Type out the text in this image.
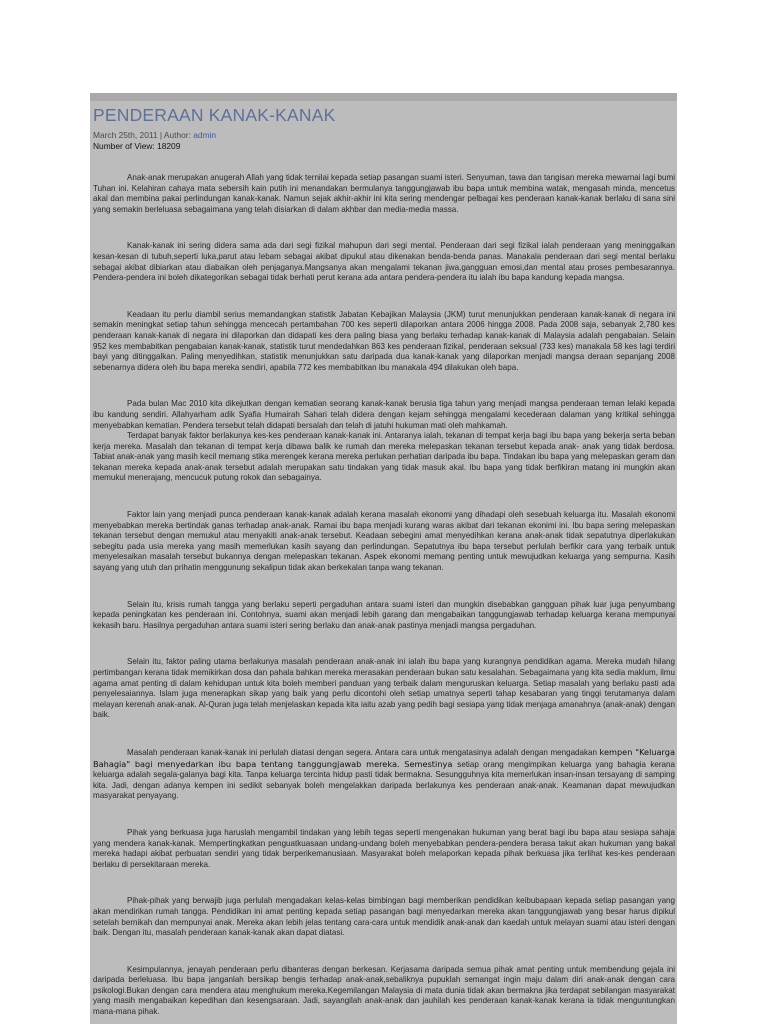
PENDERAAN KANAK-KANAK
March 25th, 2011 | Author: admin
Number of View: 18209

Anak-anak merupakan anugerah Allah yang tidak ternilai kepada setiap pasangan suami isteri. Senyuman, tawa dan tangisan mereka mewarnai lagi bumi Tuhan ini. Kelahiran cahaya mata sebersih kain putih ini menandakan bermulanya tanggungjawab ibu bapa untuk membina watak, mengasah minda, mencetus akal dan membina pakai perlindungan kanak-kanak. Namun sejak akhir-akhir ini kita sering mendengar pelbagai kes penderaan kanak-kanak berlaku di sana sini yang semakin berleluasa sebagaimana yang telah disiarkan di dalam akhbar dan media-media massa.

Kanak-kanak ini sering didera sama ada dari segi fizikal mahupun dari segi mental. Penderaan dari segi fizikal ialah penderaan yang meninggalkan kesan-kesan di tubuh,seperti luka,parut atau lebam sebagai akibat dipukul atau dikenakan benda-benda panas. Manakala penderaan dari segi mental berlaku sebagai akibat dibiarkan atau diabaikan oleh penjaganya.Mangsanya akan mengalami tekanan jiwa,gangguan emosi,dan mental atau proses pembesarannya. Pendera-pendera ini boleh dikategorikan sebagai tidak berhati perut kerana ada antara pendera-pendera itu ialah ibu bapa kandung kepada mangsa.

Keadaan itu perlu diambil serius memandangkan statistik Jabatan Kebajikan Malaysia (JKM) turut menunjukkan penderaan kanak-kanak di negara ini semakin meningkat setiap tahun sehingga mencecah pertambahan 700 kes seperti dilaporkan antara 2006 hingga 2008. Pada 2008 saja, sebanyak 2,780 kes penderaan kanak-kanak di negara ini dilaporkan dan didapati kes dera paling biasa yang berlaku terhadap kanak-kanak di Malaysia adalah pengabaian. Selain 952 kes membabitkan pengabaian kanak-kanak, statistik turut mendedahkan 863 kes penderaan fizikal, penderaan seksual (733 kes) manakala 58 kes lagi terdiri bayi yang ditinggalkan. Paling menyedihkan, statistik menunjukkan satu daripada dua kanak-kanak yang dilaporkan menjadi mangsa deraan sepanjang 2008 sebenarnya didera oleh ibu bapa mereka sendiri, apabila 772 kes membabitkan ibu manakala 494 dilakukan oleh bapa.

Pada bulan Mac 2010 kita dikejutkan dengan kematian seorang kanak-kanak berusia tiga tahun yang menjadi mangsa penderaan teman lelaki kepada ibu kandung sendiri. Allahyarham adik Syafia Humairah Sahari telah didera dengan kejam sehingga mengalami kecederaan dalaman yang kritikal sehingga menyebabkan kematian. Pendera tersebut telah didapati bersalah dan telah di jatuhi hukuman mati oleh mahkamah.

Terdapat banyak faktor berlakunya kes-kes penderaan kanak-kanak ini. Antaranya ialah, tekanan di tempat kerja bagi ibu bapa yang bekerja serta beban kerja mereka. Masalah dan tekanan di tempat kerja dibawa balik ke rumah dan mereka melepaskan tekanan tersebut kepada anak- anak yang tidak berdosa. Tabiat anak-anak yang masih kecil memang stika merengek kerana mereka perlukan perhatian daripada ibu bapa. Tindakan ibu bapa yang melepaskan geram dan tekanan mereka kepada anak-anak tersebut adalah merupakan satu tindakan yang tidak masuk akal. Ibu bapa yang tidak berfikiran matang ini mungkin akan memukul menerajang, mencucuk putung rokok dan sebagainya.

Faktor lain yang menjadi punca penderaan kanak-kanak adalah kerana masalah ekonomi yang dihadapi oleh sesebuah keluarga itu. Masalah ekonomi menyebabkan mereka bertindak ganas terhadap anak-anak. Ramai ibu bapa menjadi kurang waras akibat dari tekanan ekonimi ini. Ibu bapa sering melepaskan tekanan tersebut dengan memukul atau menyakiti anak-anak tersebut. Keadaan sebegini amat menyedihkan kerana anak-anak tidak sepatutnya diperlakukan sebegitu pada usia mereka yang masih memerlukan kasih sayang dan perlindungan. Sepatutnya ibu bapa tersebut perlulah berfikir cara yang terbaik untuk menyelesaikan masalah tersebut bukannya dengan melepaskan tekanan. Aspek ekonomi memang penting untuk mewujudkan keluarga yang sempurna. Kasih sayang yang utuh dan prihatin menggunung sekalipun tidak akan berkekalan tanpa wang tekanan.

Selain itu, krisis rumah tangga yang berlaku seperti pergaduhan antara suami isteri dan mungkin disebabkan gangguan pihak luar juga penyumbang kepada peningkatan kes penderaan ini. Contohnya, suami akan menjadi lebih garang dan mengabaikan tanggungjawab terhadap keluarga kerana mempunyai kekasih baru. Hasilnya pergaduhan antara suami isteri sering berlaku dan anak-anak pastinya menjadi mangsa pergaduhan.

Selain itu, faktor paling utama berlakunya masalah penderaan anak-anak ini ialah ibu bapa yang kurangnya pendidikan agama. Mereka mudah hilang pertimbangan kerana tidak memikirkan dosa dan pahala bahkan mereka merasakan penderaan bukan satu kesalahan. Sebagaimana yang kita sedia maklum, ilmu agama amat penting di dalam kehidupan untuk kita boleh memberi panduan yang terbaik dalam menguruskan keluarga. Setiap masalah yang berlaku pasti ada penyelesaiannya. Islam juga menerapkan sikap yang baik yang perlu dicontohi oleh setiap umatnya seperti tahap kesabaran yang tinggi terutamanya dalam melayan kerenah anak-anak. Al-Quran juga telah menjelaskan kepada kita iaitu azab yang pedih bagi sesiapa yang tidak menjaga amanahnya (anak-anak) dengan baik.

Masalah penderaan kanak-kanak ini perlulah diatasi dengan segera. Antara cara untuk mengatasinya adalah dengan mengadakan kempen "Keluarga Bahagia" bagi menyedarkan ibu bapa tentang tanggungjawab mereka. Semestinya setiap orang mengimpikan keluarga yang bahagia kerana keluarga adalah segala-galanya bagi kita. Tanpa keluarga tercinta hidup pasti tidak bermakna. Sesungguhnya kita memerlukan insan-insan tersayang di samping kita. Jadi, dengan adanya kempen ini sedikit sebanyak boleh mengelakkan daripada berlakunya kes penderaan anak-anak. Keamanan dapat mewujudkan masyarakat penyayang.

Pihak yang berkuasa juga haruslah mengambil tindakan yang lebih tegas seperti mengenakan hukuman yang berat bagi ibu bapa atau sesiapa sahaja yang mendera kanak-kanak. Mempertingkatkan penguatkuasaan undang-undang boleh menyebabkan pendera-pendera berasa takut akan hukuman yang bakal mereka hadapi akibat perbuatan sendiri yang tidak berperikemanusiaan. Masyarakat boleh melaporkan kepada pihak berkuasa jika terlihat kes-kes penderaan berlaku di persekitaraan mereka.

Pihak-pihak yang berwajib juga perlulah mengadakan kelas-kelas bimbingan bagi memberikan pendidikan keibubapaan kepada setiap pasangan yang akan mendirikan rumah tangga. Pendidikan ini amat penting kepada setiap pasangan bagi menyedarkan mereka akan tanggungjawab yang besar harus dipikul setelah bernikah dan mempunyai anak. Mereka akan lebih jelas tentang cara-cara untuk mendidik anak-anak dan kaedah untuk melayan suami atau isteri dengan baik. Dengan itu, masalah penderaan kanak-kanak akan dapat diatasi.

Kesimpulannya, jenayah penderaan perlu dibanteras dengan berkesan. Kerjasama daripada semua pihak amat penting untuk membendung gejala ini daripada berleluasa. Ibu bapa janganlah bersikap bengis terhadap anak-anak,sebaliknya pupuklah semangat ingin maju dalam diri anak-anak dengan cara psikologi.Bukan dengan cara mendera atau menghukum mereka.Kegemilangan Malaysia di mata dunia tidak akan bermakna jika terdapat sebilangan masyarakat yang masih mengabaikan kepedihan dan kesengsaraan. Jadi, sayangilah anak-anak dan jauhilah kes penderaan kanak-kanak kerana ia tidak menguntungkan mana-mana pihak.
